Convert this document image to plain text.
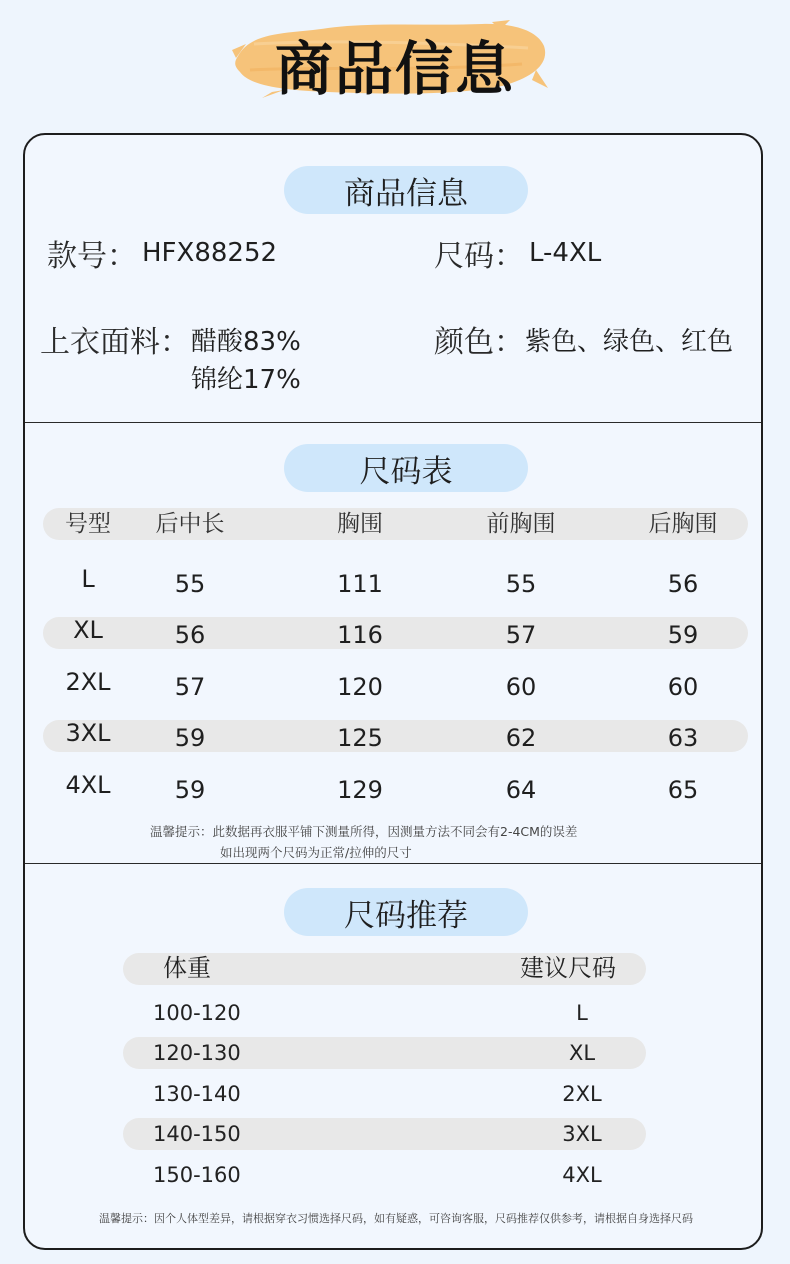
商品信息
商品信息
款号： HFX88252	尺码： L-4XL
上衣面料： 醋酸83%
锦纶17%
颜色： 紫色、绿色、红色
尺码表
号型	后中长	胸围	前胸围	后胸围
L	55	111	55	56
XL	56	116	57	59
2XL	57	120	60	60
3XL	59	125	62	63
4XL	59	129	64	65
温馨提示：此数据再衣服平铺下测量所得，因测量方法不同会有2-4CM的误差
如出现两个尺码为正常/拉伸的尺寸
尺码推荐
体重	建议尺码
100-120	L
120-130	XL
130-140	2XL
140-150	3XL
150-160	4XL
温馨提示：因个人体型差异，请根据穿衣习惯选择尺码，如有疑惑，可咨询客服，尺码推荐仅供参考，请根据自身选择尺码
